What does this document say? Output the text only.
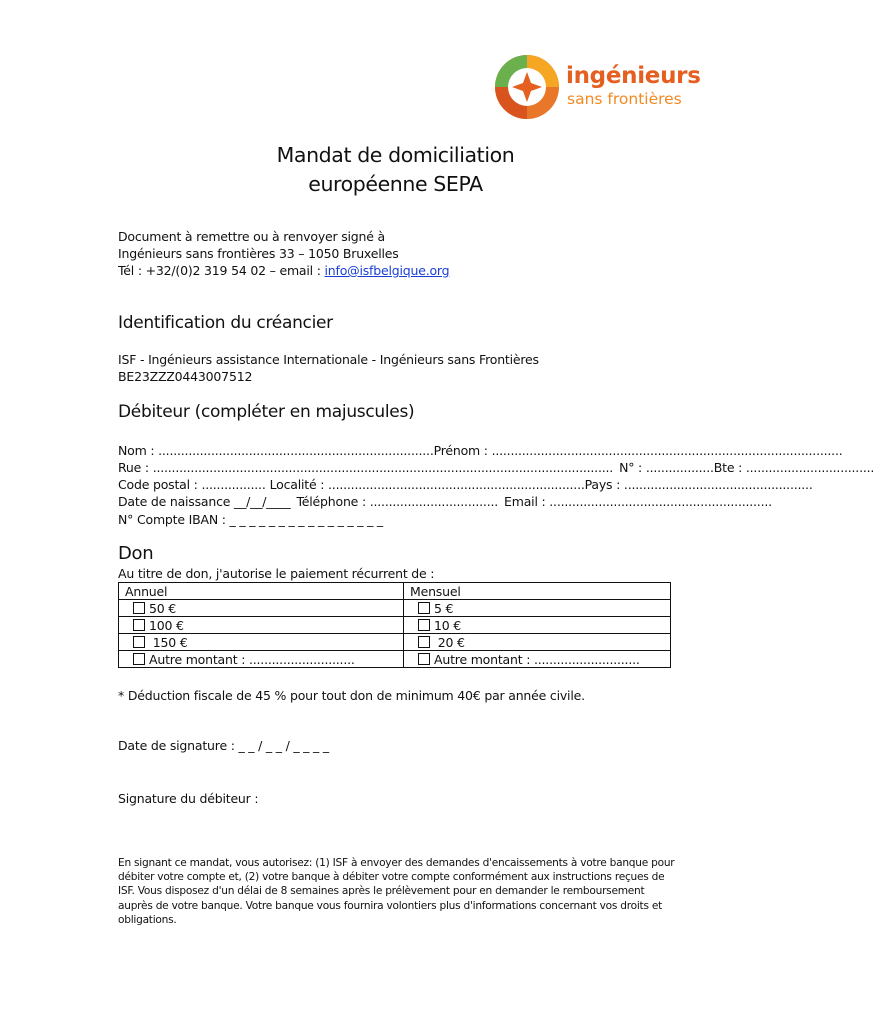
ingénieurs
sans frontières
Mandat de domiciliation
européenne SEPA
Document à remettre ou à renvoyer signé à
Ingénieurs sans frontières 33 – 1050 Bruxelles
Tél : +32/(0)2 319 54 02 – email : info@isfbelgique.org
Identification du créancier
ISF - Ingénieurs assistance Internationale - Ingénieurs sans Frontières
BE23ZZZ0443007512
Débiteur (compléter en majuscules)
Nom : .........................................................................Prénom : .............................................................................................
Rue : .......................................................................................................................... N° : ..................Bte : ..................................
Code postal : ................. Localité : ....................................................................Pays : ..................................................
Date de naissance __/__/____ Téléphone : .................................. Email : ...........................................................
N° Compte IBAN : _ _ _ _ _ _ _ _ _ _ _ _ _ _ _ _
Don
Au titre de don, j'autorise le paiement récurrent de :
Annuel	Mensuel
50 €	5 €
100 €	10 €
150 €	20 €
Autre montant : ............................	Autre montant : ............................
* Déduction fiscale de 45 % pour tout don de minimum 40€ par année civile.
Date de signature : _ _ / _ _ / _ _ _ _
Signature du débiteur :
En signant ce mandat, vous autorisez: (1) ISF à envoyer des demandes d'encaissements à votre banque pour débiter votre compte et, (2) votre banque à débiter votre compte conformément aux instructions reçues de ISF. Vous disposez d'un délai de 8 semaines après le prélèvement pour en demander le remboursement auprès de votre banque. Votre banque vous fournira volontiers plus d'informations concernant vos droits et obligations.
